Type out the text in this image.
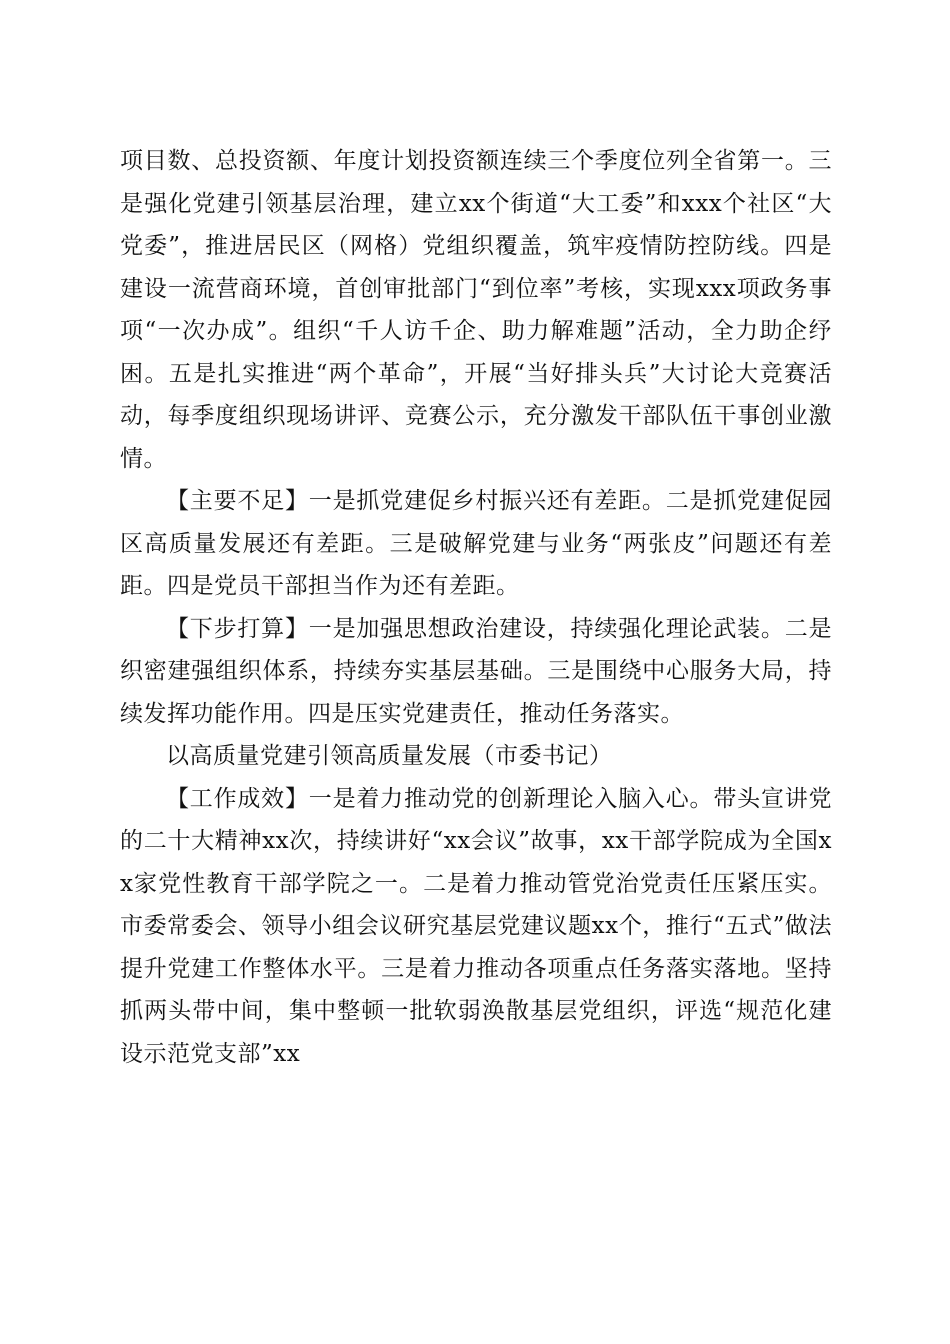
项目数、总投资额、年度计划投资额连续三个季度位列全省第一。三是强化党建引领基层治理，建立xx个街道“大工委”和xxx个社区“大党委”，推进居民区（网格）党组织覆盖，筑牢疫情防控防线。四是建设一流营商环境，首创审批部门“到位率”考核，实现xxx项政务事项“一次办成”。组织“千人访千企、助力解难题”活动，全力助企纾困。五是扎实推进“两个革命”，开展“当好排头兵”大讨论大竞赛活动，每季度组织现场讲评、竞赛公示，充分激发干部队伍干事创业激情。

【主要不足】一是抓党建促乡村振兴还有差距。二是抓党建促园区高质量发展还有差距。三是破解党建与业务“两张皮”问题还有差距。四是党员干部担当作为还有差距。

【下步打算】一是加强思想政治建设，持续强化理论武装。二是织密建强组织体系，持续夯实基层基础。三是围绕中心服务大局，持续发挥功能作用。四是压实党建责任，推动任务落实。

以高质量党建引领高质量发展（市委书记）

【工作成效】一是着力推动党的创新理论入脑入心。带头宣讲党的二十大精神xx次，持续讲好“xx会议”故事，xx干部学院成为全国xx家党性教育干部学院之一。二是着力推动管党治党责任压紧压实。市委常委会、领导小组会议研究基层党建议题xx个，推行“五式”做法提升党建工作整体水平。三是着力推动各项重点任务落实落地。坚持抓两头带中间，集中整顿一批软弱涣散基层党组织，评选“规范化建设示范党支部”xx
